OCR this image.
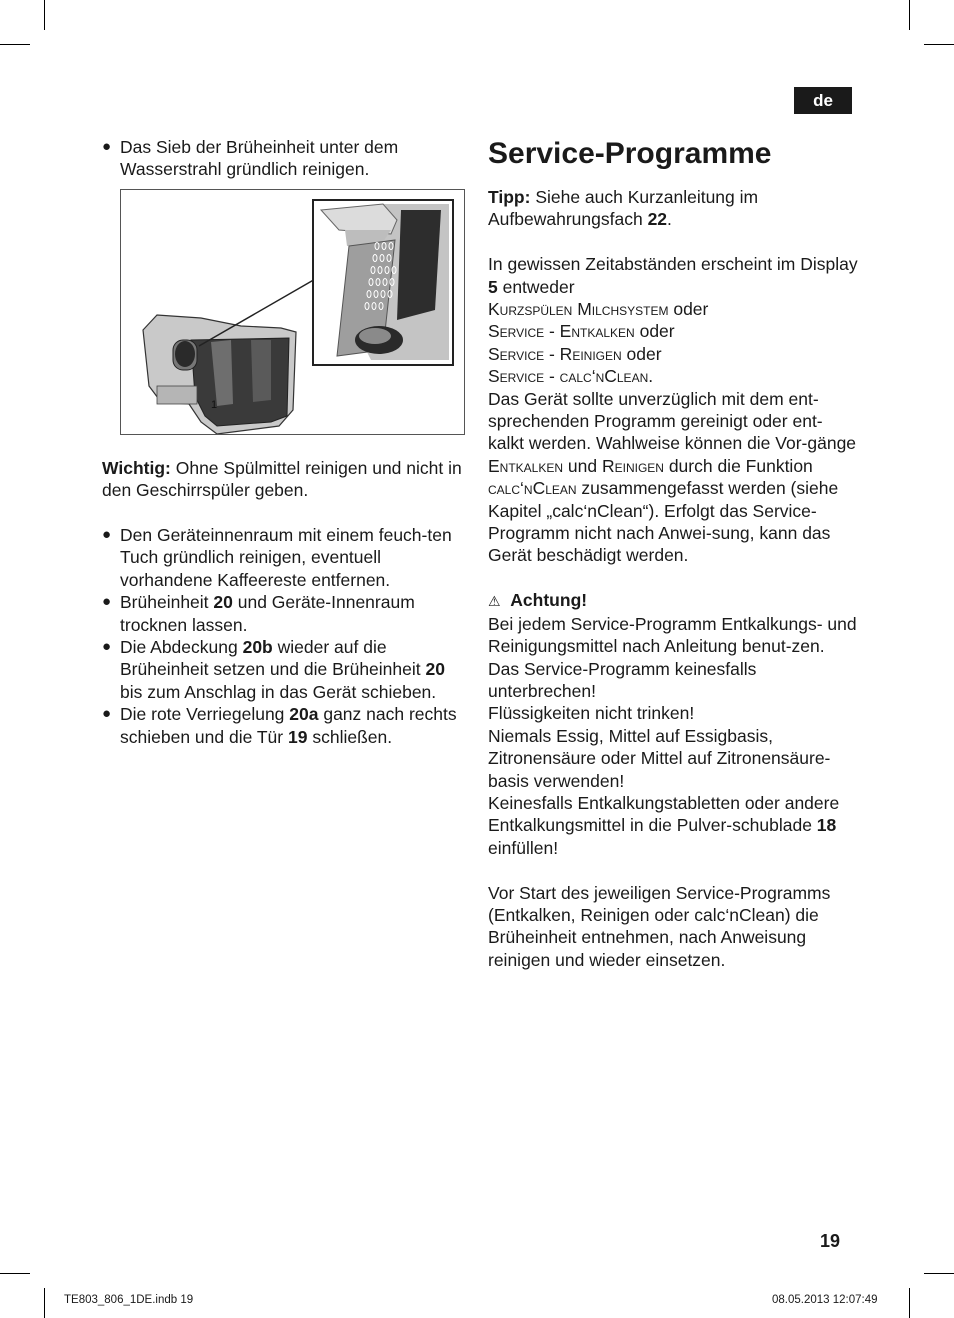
de

● Das Sieb der Brüheinheit unter dem Wasserstrahl gründlich reinigen.

1

Wichtig: Ohne Spülmittel reinigen und nicht in den Geschirrspüler geben.

● Den Geräteinnenraum mit einem feuch-ten Tuch gründlich reinigen, eventuell vorhandene Kaffeereste entfernen.

● Brüheinheit 20 und Geräte-Innenraum trocknen lassen.

● Die Abdeckung 20b wieder auf die Brüheinheit setzen und die Brüheinheit 20 bis zum Anschlag in das Gerät schieben.

● Die rote Verriegelung 20a ganz nach rechts schieben und die Tür 19 schließen.

Service-Programme

Tipp: Siehe auch Kurzanleitung im Aufbewahrungsfach 22.

In gewissen Zeitabständen erscheint im Display 5 entweder

Kurzspülen Milchsystem oder

Service - Entkalken oder

Service - Reinigen oder

Service - calc‘nClean.

Das Gerät sollte unverzüglich mit dem ent-sprechenden Programm gereinigt oder ent-kalkt werden. Wahlweise können die Vor-gänge Entkalken und Reinigen durch die Funktion calc‘nClean zusammengefasst werden (siehe Kapitel „calc‘nClean“). Erfolgt das Service-Programm nicht nach Anwei-sung, kann das Gerät beschädigt werden.

⚠ Achtung!

Bei jedem Service-Programm Entkalkungs- und Reinigungsmittel nach Anleitung benut-zen. Das Service-Programm keinesfalls unterbrechen!

Flüssigkeiten nicht trinken!

Niemals Essig, Mittel auf Essigbasis, Zitronensäure oder Mittel auf Zitronensäure-basis verwenden!

Keinesfalls Entkalkungstabletten oder andere Entkalkungsmittel in die Pulver-schublade 18 einfüllen!

Vor Start des jeweiligen Service-Programms (Entkalken, Reinigen oder calc‘nClean) die Brüheinheit entnehmen, nach Anweisung reinigen und wieder einsetzen.

19
TE803_806_1DE.indb 19	08.05.2013 12:07:49
